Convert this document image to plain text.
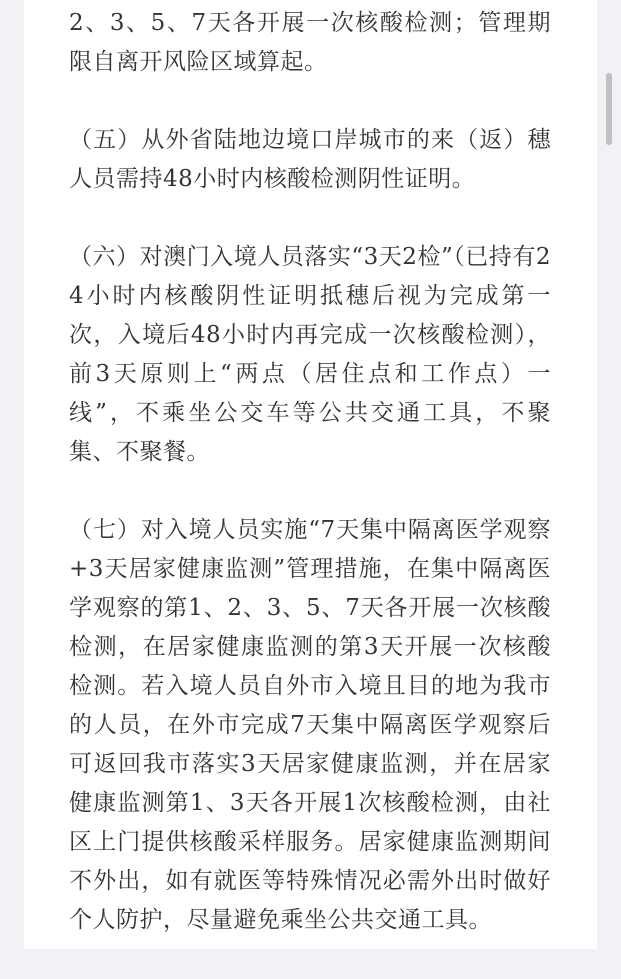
2、3、5、7天各开展一次核酸检测；管理期限自离开风险区域算起。

（五）从外省陆地边境口岸城市的来（返）穗人员需持48小时内核酸检测阴性证明。

（六）对澳门入境人员落实“3天2检”（已持有24小时内核酸阴性证明抵穗后视为完成第一次，入境后48小时内再完成一次核酸检测），前3天原则上“两点（居住点和工作点）一线”，不乘坐公交车等公共交通工具，不聚集、不聚餐。

（七）对入境人员实施“7天集中隔离医学观察+3天居家健康监测”管理措施，在集中隔离医学观察的第1、2、3、5、7天各开展一次核酸检测，在居家健康监测的第3天开展一次核酸检测。若入境人员自外市入境且目的地为我市的人员，在外市完成7天集中隔离医学观察后可返回我市落实3天居家健康监测，并在居家健康监测第1、3天各开展1次核酸检测，由社区上门提供核酸采样服务。居家健康监测期间不外出，如有就医等特殊情况必需外出时做好个人防护，尽量避免乘坐公共交通工具。
